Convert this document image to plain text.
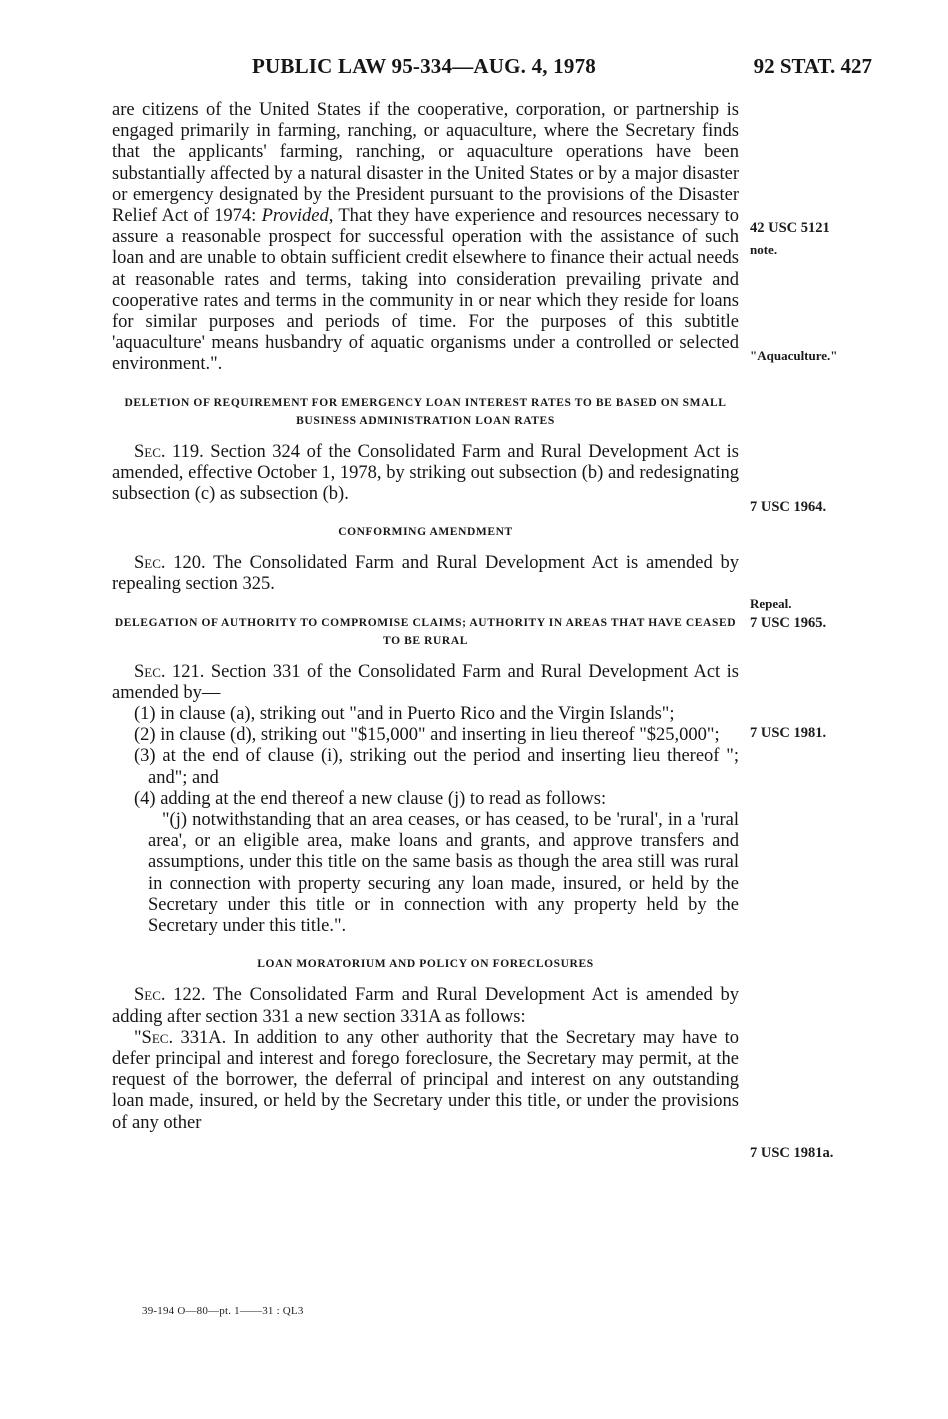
PUBLIC LAW 95-334—AUG. 4, 1978	92 STAT. 427

are citizens of the United States if the cooperative, corporation, or partnership is engaged primarily in farming, ranching, or aquaculture, where the Secretary finds that the applicants' farming, ranching, or aquaculture operations have been substantially affected by a natural disaster in the United States or by a major disaster or emergency designated by the President pursuant to the provisions of the Disaster Relief Act of 1974: Provided, That they have experience and resources necessary to assure a reasonable prospect for successful operation with the assistance of such loan and are unable to obtain sufficient credit elsewhere to finance their actual needs at reasonable rates and terms, taking into consideration prevailing private and cooperative rates and terms in the community in or near which they reside for loans for similar purposes and periods of time. For the purposes of this subtitle 'aquaculture' means husbandry of aquatic organisms under a controlled or selected environment.".

DELETION OF REQUIREMENT FOR EMERGENCY LOAN INTEREST RATES TO BE BASED ON SMALL BUSINESS ADMINISTRATION LOAN RATES

Sec. 119. Section 324 of the Consolidated Farm and Rural Development Act is amended, effective October 1, 1978, by striking out subsection (b) and redesignating subsection (c) as subsection (b).

CONFORMING AMENDMENT

Sec. 120. The Consolidated Farm and Rural Development Act is amended by repealing section 325.

DELEGATION OF AUTHORITY TO COMPROMISE CLAIMS; AUTHORITY IN AREAS THAT HAVE CEASED TO BE RURAL

Sec. 121. Section 331 of the Consolidated Farm and Rural Development Act is amended by—

(1) in clause (a), striking out "and in Puerto Rico and the Virgin Islands";

(2) in clause (d), striking out "$15,000" and inserting in lieu thereof "$25,000";

(3) at the end of clause (i), striking out the period and inserting lieu thereof "; and"; and

(4) adding at the end thereof a new clause (j) to read as follows:

"(j) notwithstanding that an area ceases, or has ceased, to be 'rural', in a 'rural area', or an eligible area, make loans and grants, and approve transfers and assumptions, under this title on the same basis as though the area still was rural in connection with property securing any loan made, insured, or held by the Secretary under this title or in connection with any property held by the Secretary under this title.".

LOAN MORATORIUM AND POLICY ON FORECLOSURES

Sec. 122. The Consolidated Farm and Rural Development Act is amended by adding after section 331 a new section 331A as follows:

"Sec. 331A. In addition to any other authority that the Secretary may have to defer principal and interest and forego foreclosure, the Secretary may permit, at the request of the borrower, the deferral of principal and interest on any outstanding loan made, insured, or held by the Secretary under this title, or under the provisions of any other

42 USC 5121
note.
"Aquaculture."
7 USC 1964.
Repeal.
7 USC 1965.
7 USC 1981.
7 USC 1981a.
39-194 O—80—pt. 1——31 : QL3
